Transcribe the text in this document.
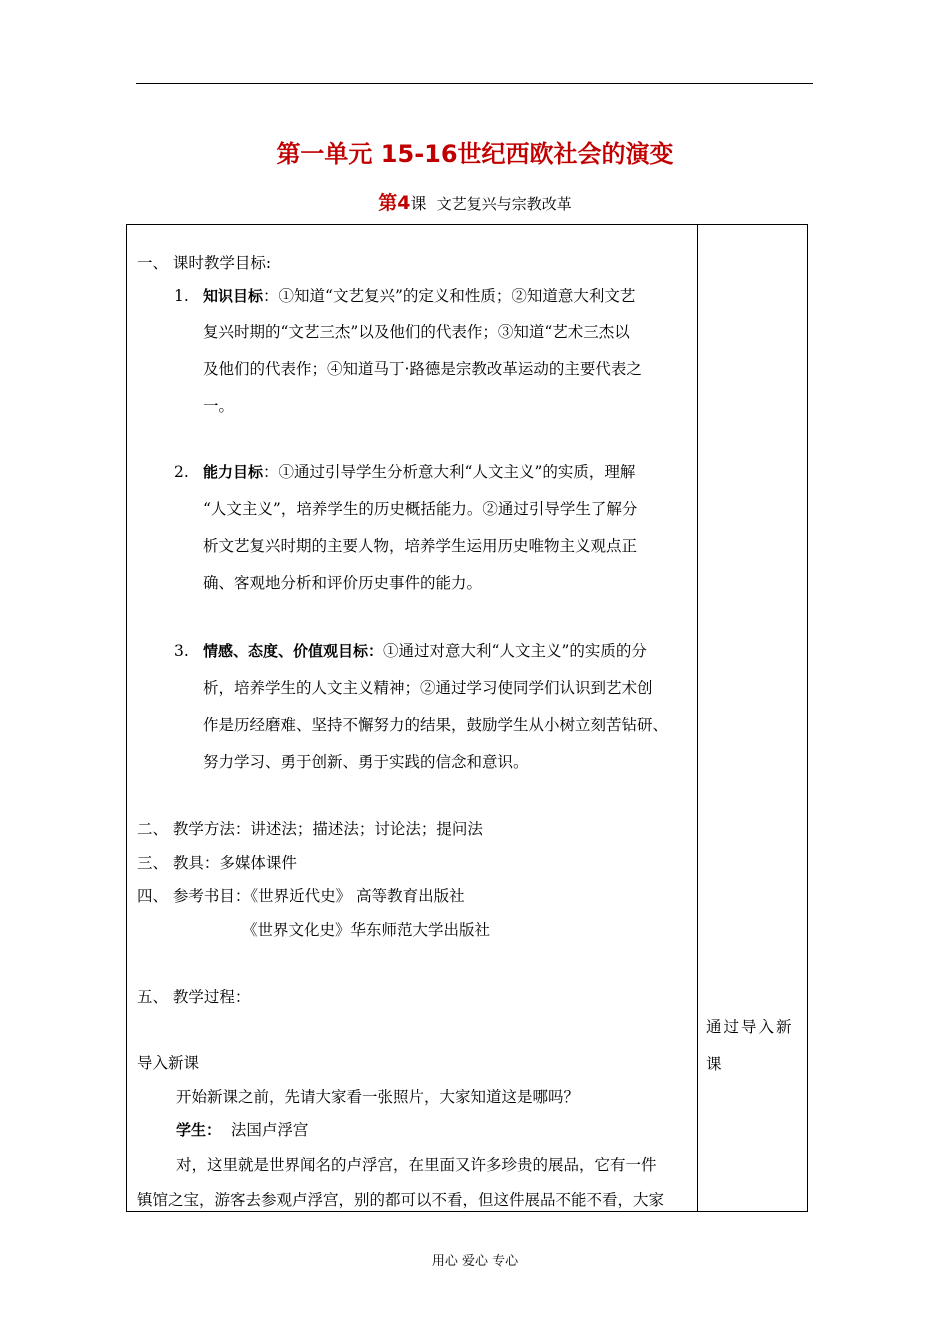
第一单元 15-16世纪西欧社会的演变
第4课 文艺复兴与宗教改革
一、 课时教学目标:
1. 知识目标：①知道“文艺复兴”的定义和性质；②知道意大利文艺
复兴时期的“文艺三杰”以及他们的代表作；③知道“艺术三杰以
及他们的代表作；④知道马丁·路德是宗教改革运动的主要代表之
一。
2. 能力目标：①通过引导学生分析意大利“人文主义”的实质，理解
“人文主义”，培养学生的历史概括能力。②通过引导学生了解分
析文艺复兴时期的主要人物，培养学生运用历史唯物主义观点正
确、客观地分析和评价历史事件的能力。
3. 情感、态度、价值观目标：①通过对意大利“人文主义”的实质的分
析，培养学生的人文主义精神；②通过学习使同学们认识到艺术创
作是历经磨难、坚持不懈努力的结果，鼓励学生从小树立刻苦钻研、
努力学习、勇于创新、勇于实践的信念和意识。
二、 教学方法：讲述法；描述法；讨论法；提问法
三、 教具：多媒体课件
四、 参考书目：《世界近代史》 高等教育出版社
《世界文化史》华东师范大学出版社
五、 教学过程：
导入新课
开始新课之前，先请大家看一张照片，大家知道这是哪吗？
学生： 法国卢浮宫
对，这里就是世界闻名的卢浮宫，在里面又许多珍贵的展品，它有一件
镇馆之宝，游客去参观卢浮宫，别的都可以不看，但这件展品不能不看，大家
通过导入新
课
用心 爱心 专心
